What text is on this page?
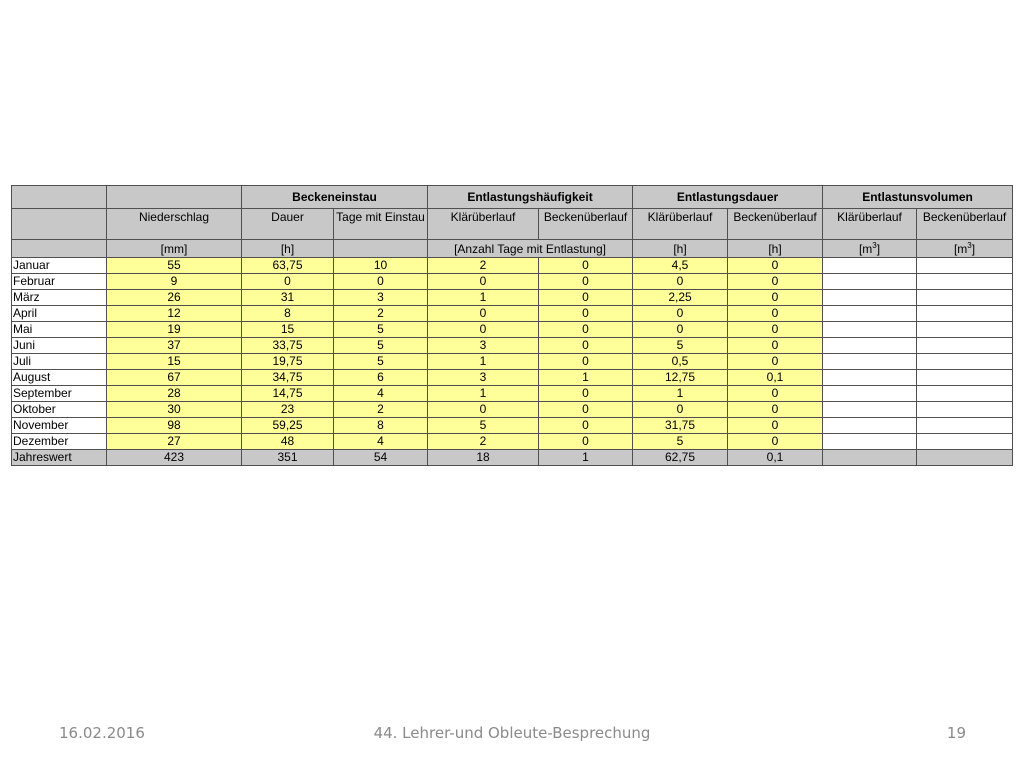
		Beckeneinstau		Entlastungshäufigkeit		Entlastungsdauer		Entlastunsvolumen	
	Niederschlag	Dauer	Tage mit Einstau	Klärüberlauf	Beckenüberlauf	Klärüberlauf	Beckenüberlauf	Klärüberlauf	Beckenüberlauf
	[mm]	[h]		[Anzahl Tage mit Entlastung]		[h]	[h]	$[m^3]$	$[m^3]$
Januar	55	63,75	10	2	0	4,5	0		
Februar	9	0	0	0	0	0	0		
März	26	31	3	1	0	2,25	0		
April	12	8	2	0	0	0	0		
Mai	19	15	5	0	0	0	0		
Juni	37	33,75	5	3	0	5	0		
Juli	15	19,75	5	1	0	0,5	0		
August	67	34,75	6	3	1	12,75	0,1		
September	28	14,75	4	1	0	1	0		
Oktober	30	23	2	0	0	0	0		
November	98	59,25	8	5	0	31,75	0		
Dezember	27	48	4	2	0	5	0		
Jahreswert	423	351	54	18	1	62,75	0,1		
16.02.2016	44. Lehrer-und Obleute-Besprechung	19
